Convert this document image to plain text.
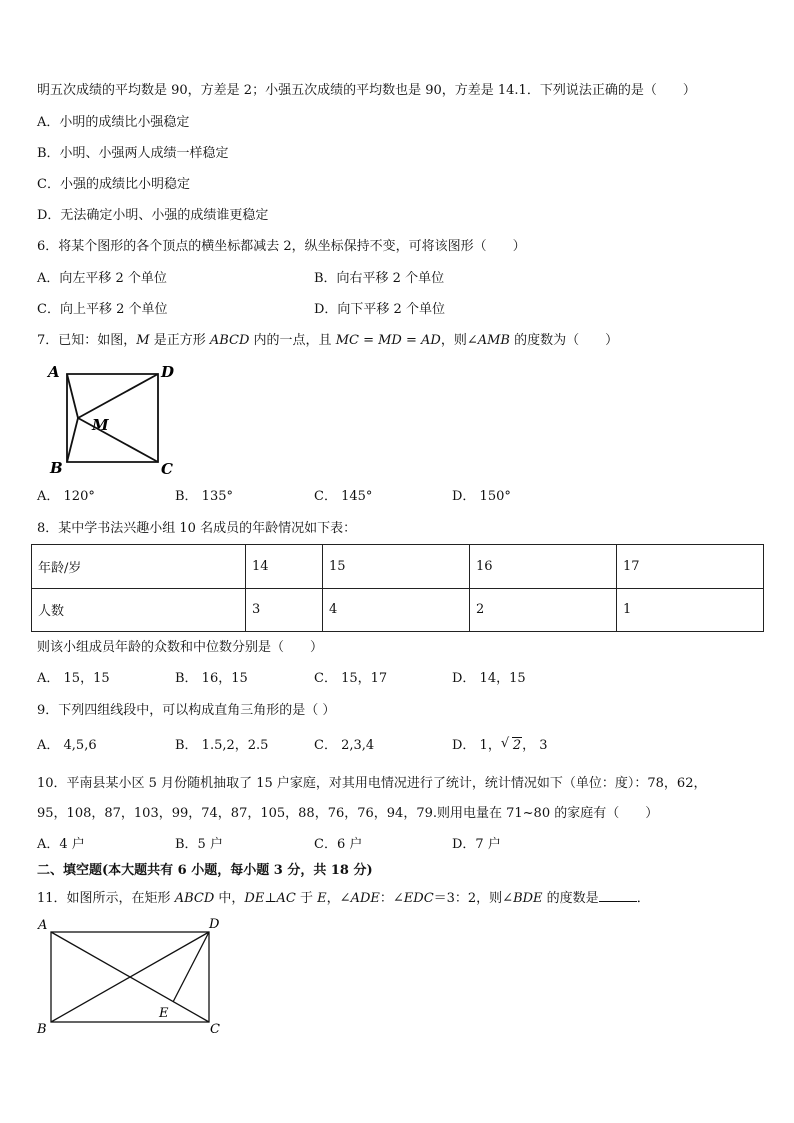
明五次成绩的平均数是 90，方差是 2；小强五次成绩的平均数也是 90，方差是 14.1．下列说法正确的是（　　）
A．小明的成绩比小强稳定
B．小明、小强两人成绩一样稳定
C．小强的成绩比小明稳定
D．无法确定小明、小强的成绩谁更稳定
6．将某个图形的各个顶点的横坐标都减去 2，纵坐标保持不变，可将该图形（　　）
A．向左平移 2 个单位	B．向右平移 2 个单位
C．向上平移 2 个单位	D．向下平移 2 个单位
7．已知：如图，M 是正方形 ABCD 内的一点，且 MC = MD = AD，则∠AMB 的度数为（　　）
A	D
M
B	C
A． 120°	B． 135°	C． 145°	D． 150°
8．某中学书法兴趣小组 10 名成员的年龄情况如下表：
年龄/岁	14	15	16	17
人数	3	4	2	1
则该小组成员年龄的众数和中位数分别是（　　）
A． 15，15	B． 16，15	C． 15，17	D． 14，15
9．下列四组线段中，可以构成直角三角形的是（ ）
A． 4,5,6	B． 1.5,2，2.5	C． 2,3,4	D． 1， √ 2， 3
10．平南县某小区 5 月份随机抽取了 15 户家庭，对其用电情况进行了统计，统计情况如下（单位：度）：78，62，
95，108，87，103，99，74，87，105，88，76，76，94，79.则用电量在 71~80 的家庭有（　　）
A．4 户	B．5 户	C．6 户	D．7 户
二、填空题(本大题共有 6 小题，每小题 3 分，共 18 分)
11．如图所示，在矩形 ABCD 中，DE⊥AC 于 E，∠ADE：∠EDC＝3：2，则∠BDE 的度数是	．
A	D
E
B	C
